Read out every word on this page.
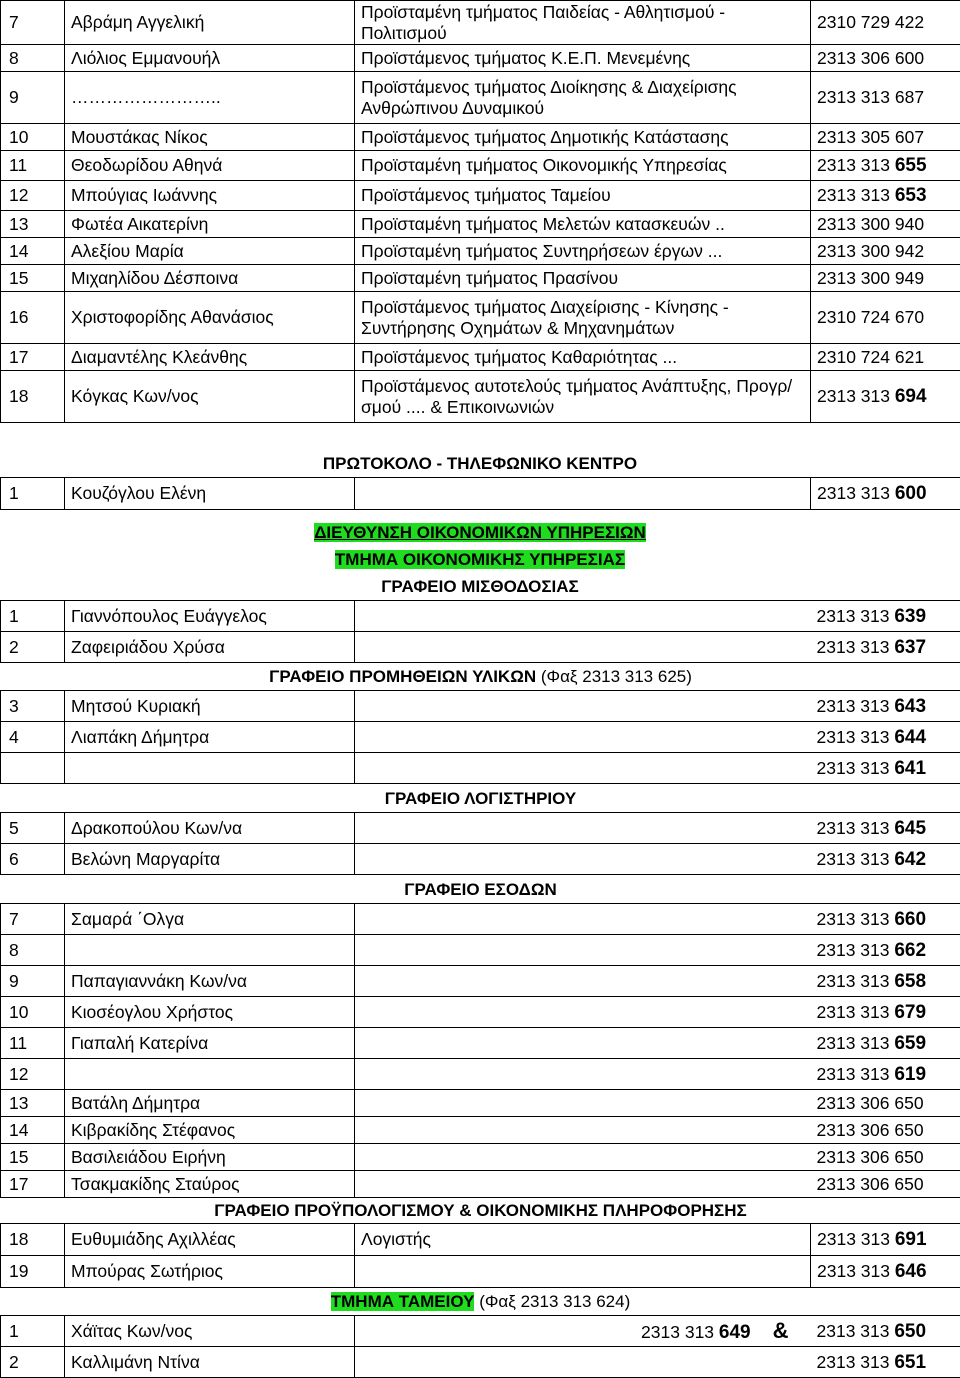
7	Αβράμη Αγγελική	Προϊσταμένη τμήματος Παιδείας - Αθλητισμού - Πολιτισμού	2310 729 422
8	Λιόλιος Εμμανουήλ	Προϊστάμενος τμήματος Κ.Ε.Π. Μενεμένης	2313 306 600
9	……………………..	Προϊστάμενος τμήματος Διοίκησης & Διαχείρισης Ανθρώπινου Δυναμικού	2313 313 687
10	Μουστάκας Νίκος	Προϊστάμενος τμήματος Δημοτικής Κατάστασης	2313 305 607
11	Θεοδωρίδου Αθηνά	Προϊσταμένη τμήματος Οικονομικής Υπηρεσίας	2313 313 655
12	Μπούγιας Ιωάννης	Προϊστάμενος τμήματος Ταμείου	2313 313 653
13	Φωτέα Αικατερίνη	Προϊσταμένη τμήματος Μελετών κατασκευών ..	2313 300 940
14	Αλεξίου Μαρία	Προϊσταμένη τμήματος Συντηρήσεων έργων ...	2313 300 942
15	Μιχαηλίδου Δέσποινα	Προϊσταμένη τμήματος Πρασίνου	2313 300 949
16	Χριστοφορίδης Αθανάσιος	Προϊστάμενος τμήματος Διαχείρισης - Κίνησης - Συντήρησης Οχημάτων & Μηχανημάτων	2310 724 670
17	Διαμαντέλης Κλεάνθης	Προϊστάμενος τμήματος Καθαριότητας ...	2310 724 621
18	Κόγκας Κων/νος	Προϊστάμενος αυτοτελούς τμήματος Ανάπτυξης, Προγρ/σμού .... & Επικοινωνιών	2313 313 694
ΠΡΩΤΟΚΟΛΟ - ΤΗΛΕΦΩΝΙΚΟ ΚΕΝΤΡΟ
1	Κουζόγλου Ελένη		2313 313 600
ΔΙΕΥΘΥΝΣΗ ΟΙΚΟΝΟΜΙΚΩΝ ΥΠΗΡΕΣΙΩΝ
ΤΜΗΜΑ ΟΙΚΟΝΟΜΙΚΗΣ ΥΠΗΡΕΣΙΑΣ
ΓΡΑΦΕΙΟ ΜΙΣΘΟΔΟΣΙΑΣ
1	Γιαννόπουλος Ευάγγελος		2313 313 639
2	Ζαφειριάδου Χρύσα		2313 313 637
ΓΡΑΦΕΙΟ ΠΡΟΜΗΘΕΙΩΝ ΥΛΙΚΩΝ (Φαξ 2313 313 625)			
3	Μητσού Κυριακή		2313 313 643
4	Λιαπάκη Δήμητρα		2313 313 644
			2313 313 641
ΓΡΑΦΕΙΟ ΛΟΓΙΣΤΗΡΙΟΥ			
5	Δρακοπούλου Κων/να		2313 313 645
6	Βελώνη Μαργαρίτα		2313 313 642
ΓΡΑΦΕΙΟ ΕΣΟΔΩΝ			
7	Σαμαρά ΄Ολγα		2313 313 660
8			2313 313 662
9	Παπαγιαννάκη Κων/να		2313 313 658
10	Κιοσέογλου Χρήστος		2313 313 679
11	Γιαπαλή Κατερίνα		2313 313 659
12			2313 313 619
13	Βατάλη Δήμητρα		2313 306 650
14	Κιβρακίδης Στέφανος		2313 306 650
15	Βασιλειάδου Ειρήνη		2313 306 650
17	Τσακμακίδης Σταύρος		2313 306 650
ΓΡΑΦΕΙΟ ΠΡΟΫΠΟΛΟΓΙΣΜΟΥ & ΟΙΚΟΝΟΜΙΚΗΣ ΠΛΗΡΟΦΟΡΗΣΗΣ			
18	Ευθυμιάδης Αχιλλέας	Λογιστής	2313 313 691
19	Μπούρας Σωτήριος		2313 313 646
ΤΜΗΜΑ ΤΑΜΕΙΟΥ (Φαξ 2313 313 624)			
1	Χάϊτας Κων/νος	2313 313 649 &	2313 313 650
2	Καλλιμάνη Ντίνα		2313 313 651
